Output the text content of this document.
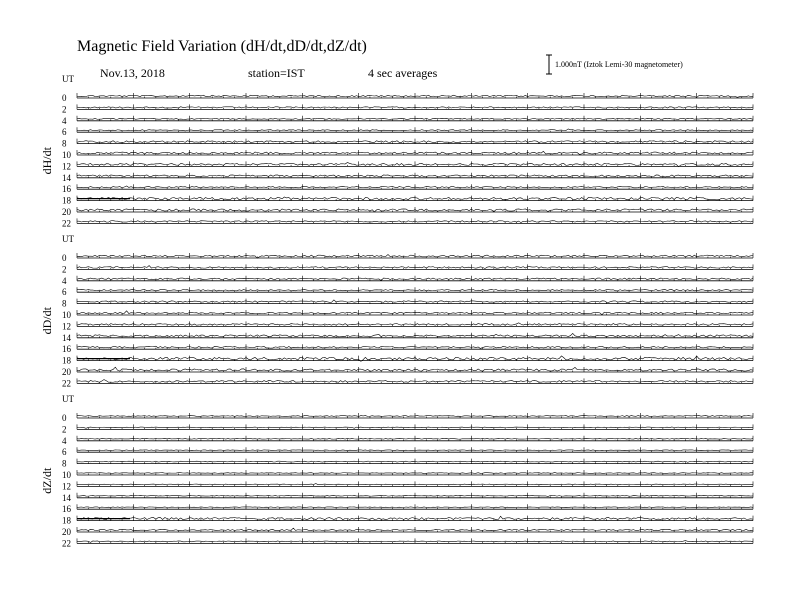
Magnetic Field Variation (dH/dt,dD/dt,dZ/dt)
Nov.13, 2018	station=IST	4 sec averages
1.000nT (Iztok Lemi-30 magnetometer)
UT
dH/dt
0
2
4
6
8
10
12
14
16
18
20
22
UT
dD/dt
0
2
4
6
8
10
12
14
16
18
20
22
UT
dZ/dt
0
2
4
6
8
10
12
14
16
18
20
22
